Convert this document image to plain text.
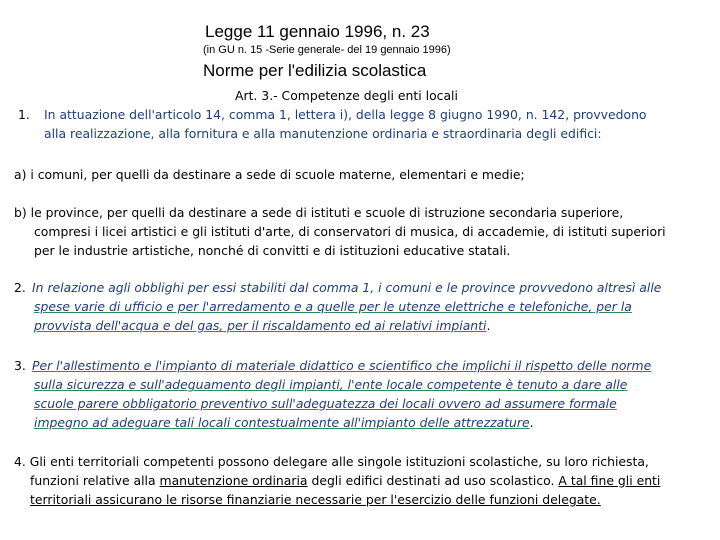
Legge 11 gennaio 1996, n. 23
(in GU n. 15 -Serie generale- del 19 gennaio 1996)
Norme per l'edilizia scolastica
Art. 3.- Competenze degli enti locali
1. In attuazione dell'articolo 14, comma 1, lettera i), della legge 8 giugno 1990, n. 142, provvedono
alla realizzazione, alla fornitura e alla manutenzione ordinaria e straordinaria degli edifici:
a) i comuni, per quelli da destinare a sede di scuole materne, elementari e medie;
b) le province, per quelli da destinare a sede di istituti e scuole di istruzione secondaria superiore,
compresi i licei artistici e gli istituti d'arte, di conservatori di musica, di accademie, di istituti superiori
per le industrie artistiche, nonché di convitti e di istituzioni educative statali.
2. In relazione agli obblighi per essi stabiliti dal comma 1, i comuni e le province provvedono altresì alle
spese varie di ufficio e per l'arredamento e a quelle per le utenze elettriche e telefoniche, per la
provvista dell'acqua e del gas, per il riscaldamento ed ai relativi impianti.
3. Per l'allestimento e l'impianto di materiale didattico e scientifico che implichi il rispetto delle norme
sulla sicurezza e sull'adeguamento degli impianti, l'ente locale competente è tenuto a dare alle
scuole parere obbligatorio preventivo sull'adeguatezza dei locali ovvero ad assumere formale
impegno ad adeguare tali locali contestualmente all'impianto delle attrezzature.
4. Gli enti territoriali competenti possono delegare alle singole istituzioni scolastiche, su loro richiesta,
funzioni relative alla manutenzione ordinaria degli edifici destinati ad uso scolastico. A tal fine gli enti
territoriali assicurano le risorse finanziarie necessarie per l'esercizio delle funzioni delegate.
